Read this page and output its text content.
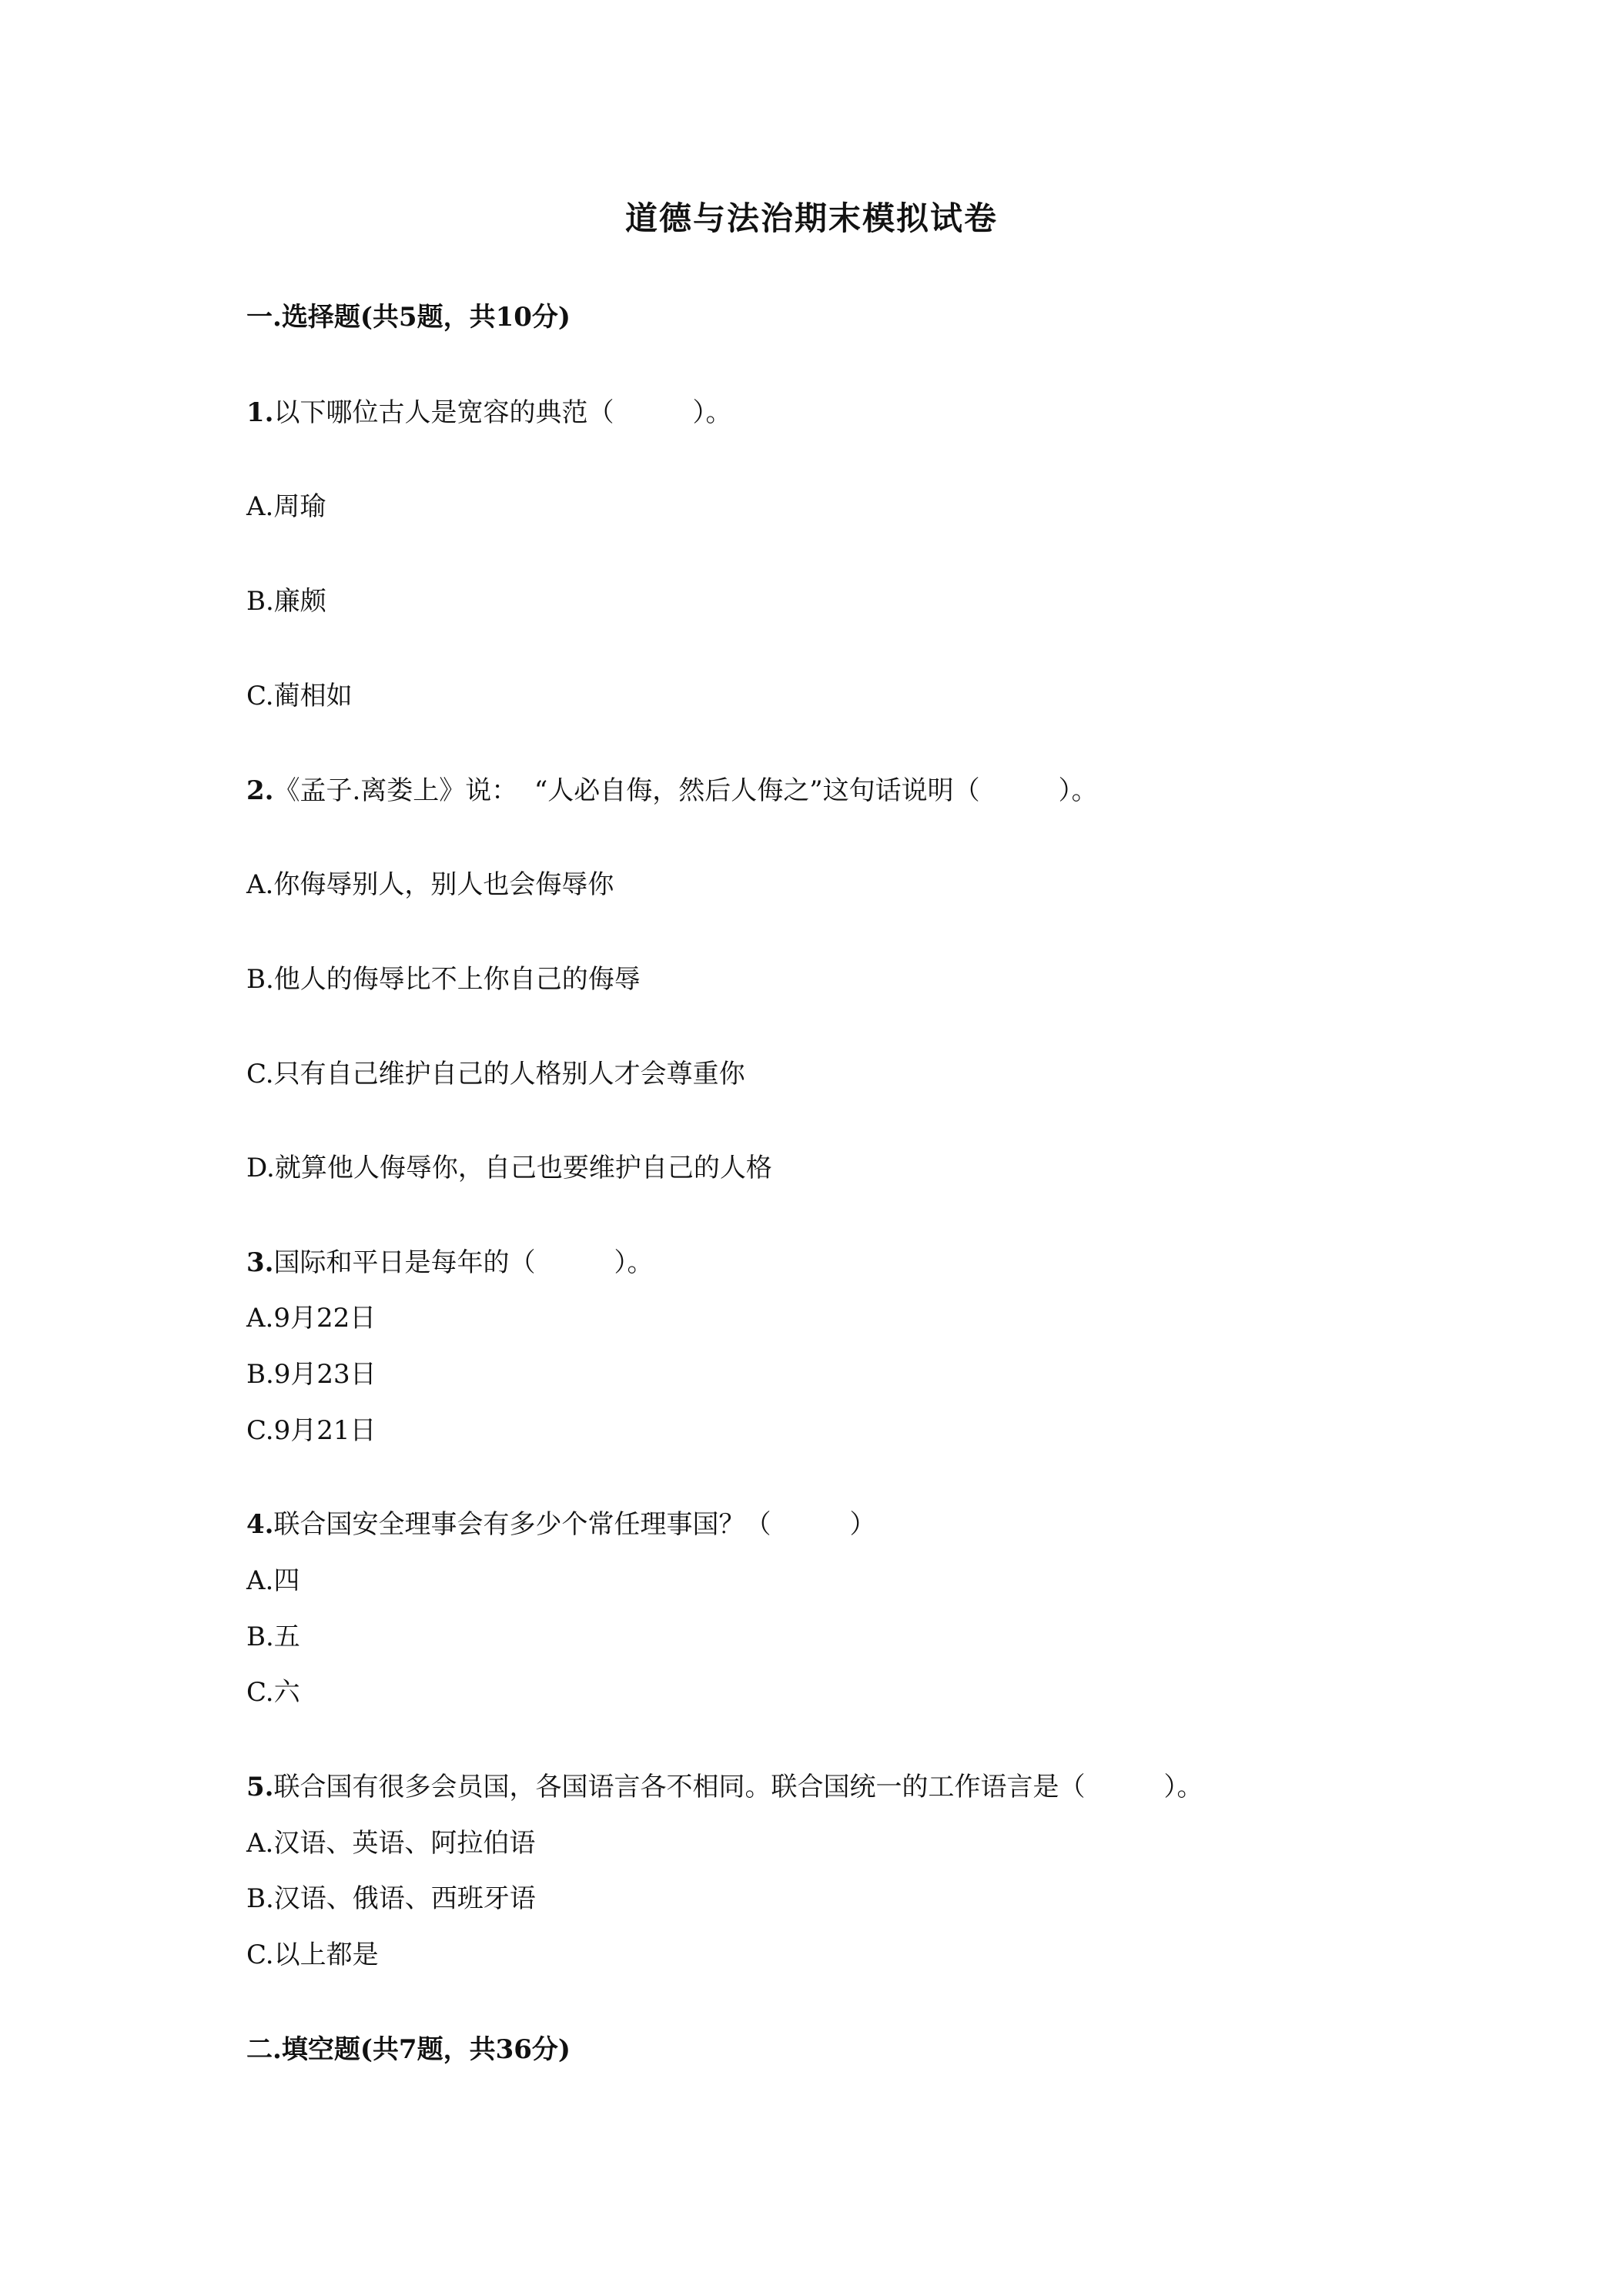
道德与法治期末模拟试卷
一.选择题(共5题，共10分)
1.以下哪位古人是宽容的典范（　　　）。
A.周瑜
B.廉颇
C.蔺相如
2.《孟子.离娄上》说：  “人必自侮，然后人侮之”这句话说明（　　　）。
A.你侮辱别人，别人也会侮辱你
B.他人的侮辱比不上你自己的侮辱
C.只有自己维护自己的人格别人才会尊重你
D.就算他人侮辱你，自己也要维护自己的人格
3.国际和平日是每年的（　　　）。
A.9月22日
B.9月23日
C.9月21日
4.联合国安全理事会有多少个常任理事国？（　　　）
A.四
B.五
C.六
5.联合国有很多会员国，各国语言各不相同。联合国统一的工作语言是（　　　）。
A.汉语、英语、阿拉伯语
B.汉语、俄语、西班牙语
C.以上都是
二.填空题(共7题，共36分)
